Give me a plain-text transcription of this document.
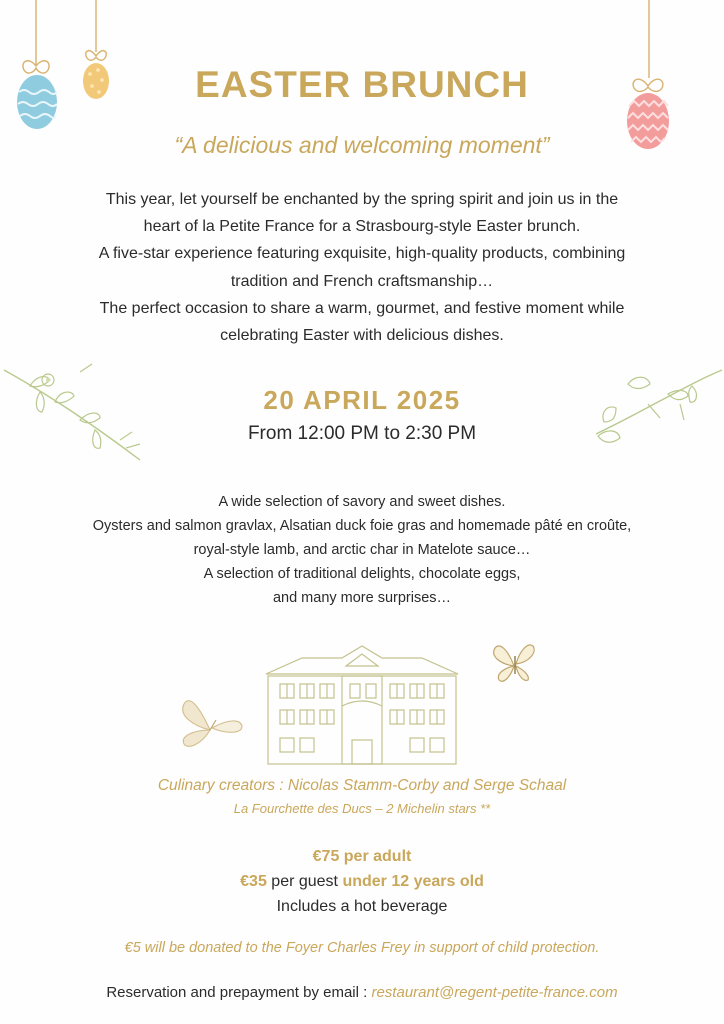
EASTER BRUNCH
“A delicious and welcoming moment”
This year, let yourself be enchanted by the spring spirit and join us in the
heart of la Petite France for a Strasbourg-style Easter brunch.
A five-star experience featuring exquisite, high-quality products, combining
tradition and French craftsmanship…
The perfect occasion to share a warm, gourmet, and festive moment while
celebrating Easter with delicious dishes.
20 APRIL 2025
From 12:00 PM to 2:30 PM
A wide selection of savory and sweet dishes.
Oysters and salmon gravlax, Alsatian duck foie gras and homemade pâté en croûte,
royal-style lamb, and arctic char in Matelote sauce…
A selection of traditional delights, chocolate eggs,
and many more surprises…
Culinary creators : Nicolas Stamm-Corby and Serge Schaal
La Fourchette des Ducs – 2 Michelin stars **
€75 per adult
€35 per guest under 12 years old
Includes a hot beverage
€5 will be donated to the Foyer Charles Frey in support of child protection.
Reservation and prepayment by email : restaurant@regent-petite-france.com
